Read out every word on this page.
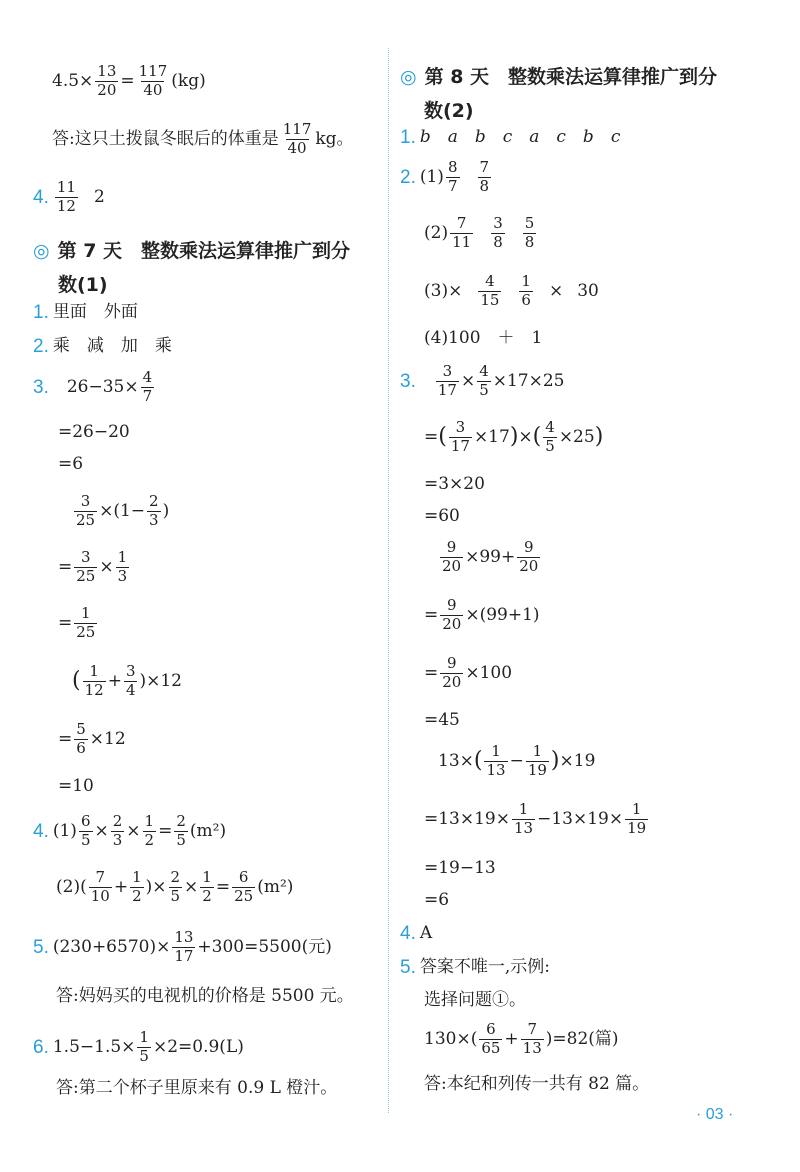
$4.5\times \frac{13}{20} = \frac{117}{40} (kg)$
答:这只土拨鼠冬眠后的体重是 $\frac{117}{40}$ kg。
4. $\frac{11}{12} 2$
◎ 第 7 天　整数乘法运算律推广到分
数(1)
1. 里面　外面
2. 乘　减　加　乘
3. $26-35\times \frac{4}{7}$
=26−20
=6
$\frac{3}{25} \times(1- \frac{2}{3}$ )
= $\frac{3}{25} \times \frac{1}{3}$
= $\frac{1}{25}$
( $\frac{1}{12} + \frac{3}{4} )\times 12$
= $\frac{5}{6} \times 12$
=10
4. $(1) \frac{6}{5} \times \frac{2}{3} \times \frac{1}{2} = \frac{2}{5} (m^2)$
$(2)( \frac{7}{10} + \frac{1}{2}$ )× $\frac{2}{5} \times \frac{1}{2} = \frac{6}{25} (m^2)$
5. $(230+6570)\times \frac{13}{17} +300=5500$(元)
答:妈妈买的电视机的价格是 5500 元。
6. $1.5-1.5\times \frac{1}{5} \times 2=0.9(L)$
答:第二个杯子里原来有 0.9 L 橙汁。
◎ 第 8 天　整数乘法运算律推广到分
数(2)
1. b　a　b　c　a　c　b　c
2. $(1) \frac{8}{7} \frac{7}{8}$
$(2) \frac{7}{11} \frac{3}{8} \frac{5}{8}$
$(3)\times \frac{4}{15} \frac{1}{6} \times 30$
(4)100　＋　1
3. $\frac{3}{17} \times \frac{4}{5} \times 17\times 25$
= ( $\frac{3}{17} \times 17$ ) × ( $\frac{4}{5} \times 25$ )
=3×20
=60
$\frac{9}{20} \times 99+ \frac{9}{20}$
= $\frac{9}{20} \times(99+1)$
= $\frac{9}{20} \times 100$
=45
13× ( $\frac{1}{13} - \frac{1}{19}$ ) ×19
$=13\times 19\times \frac{1}{13} -13\times 19\times \frac{1}{19}$
=19−13
=6
4. A
5. 答案不唯一,示例:
选择问题①。
$130\times( \frac{6}{65} + \frac{7}{13} )=82$(篇)
答:本纪和列传一共有 82 篇。
· 03 ·
